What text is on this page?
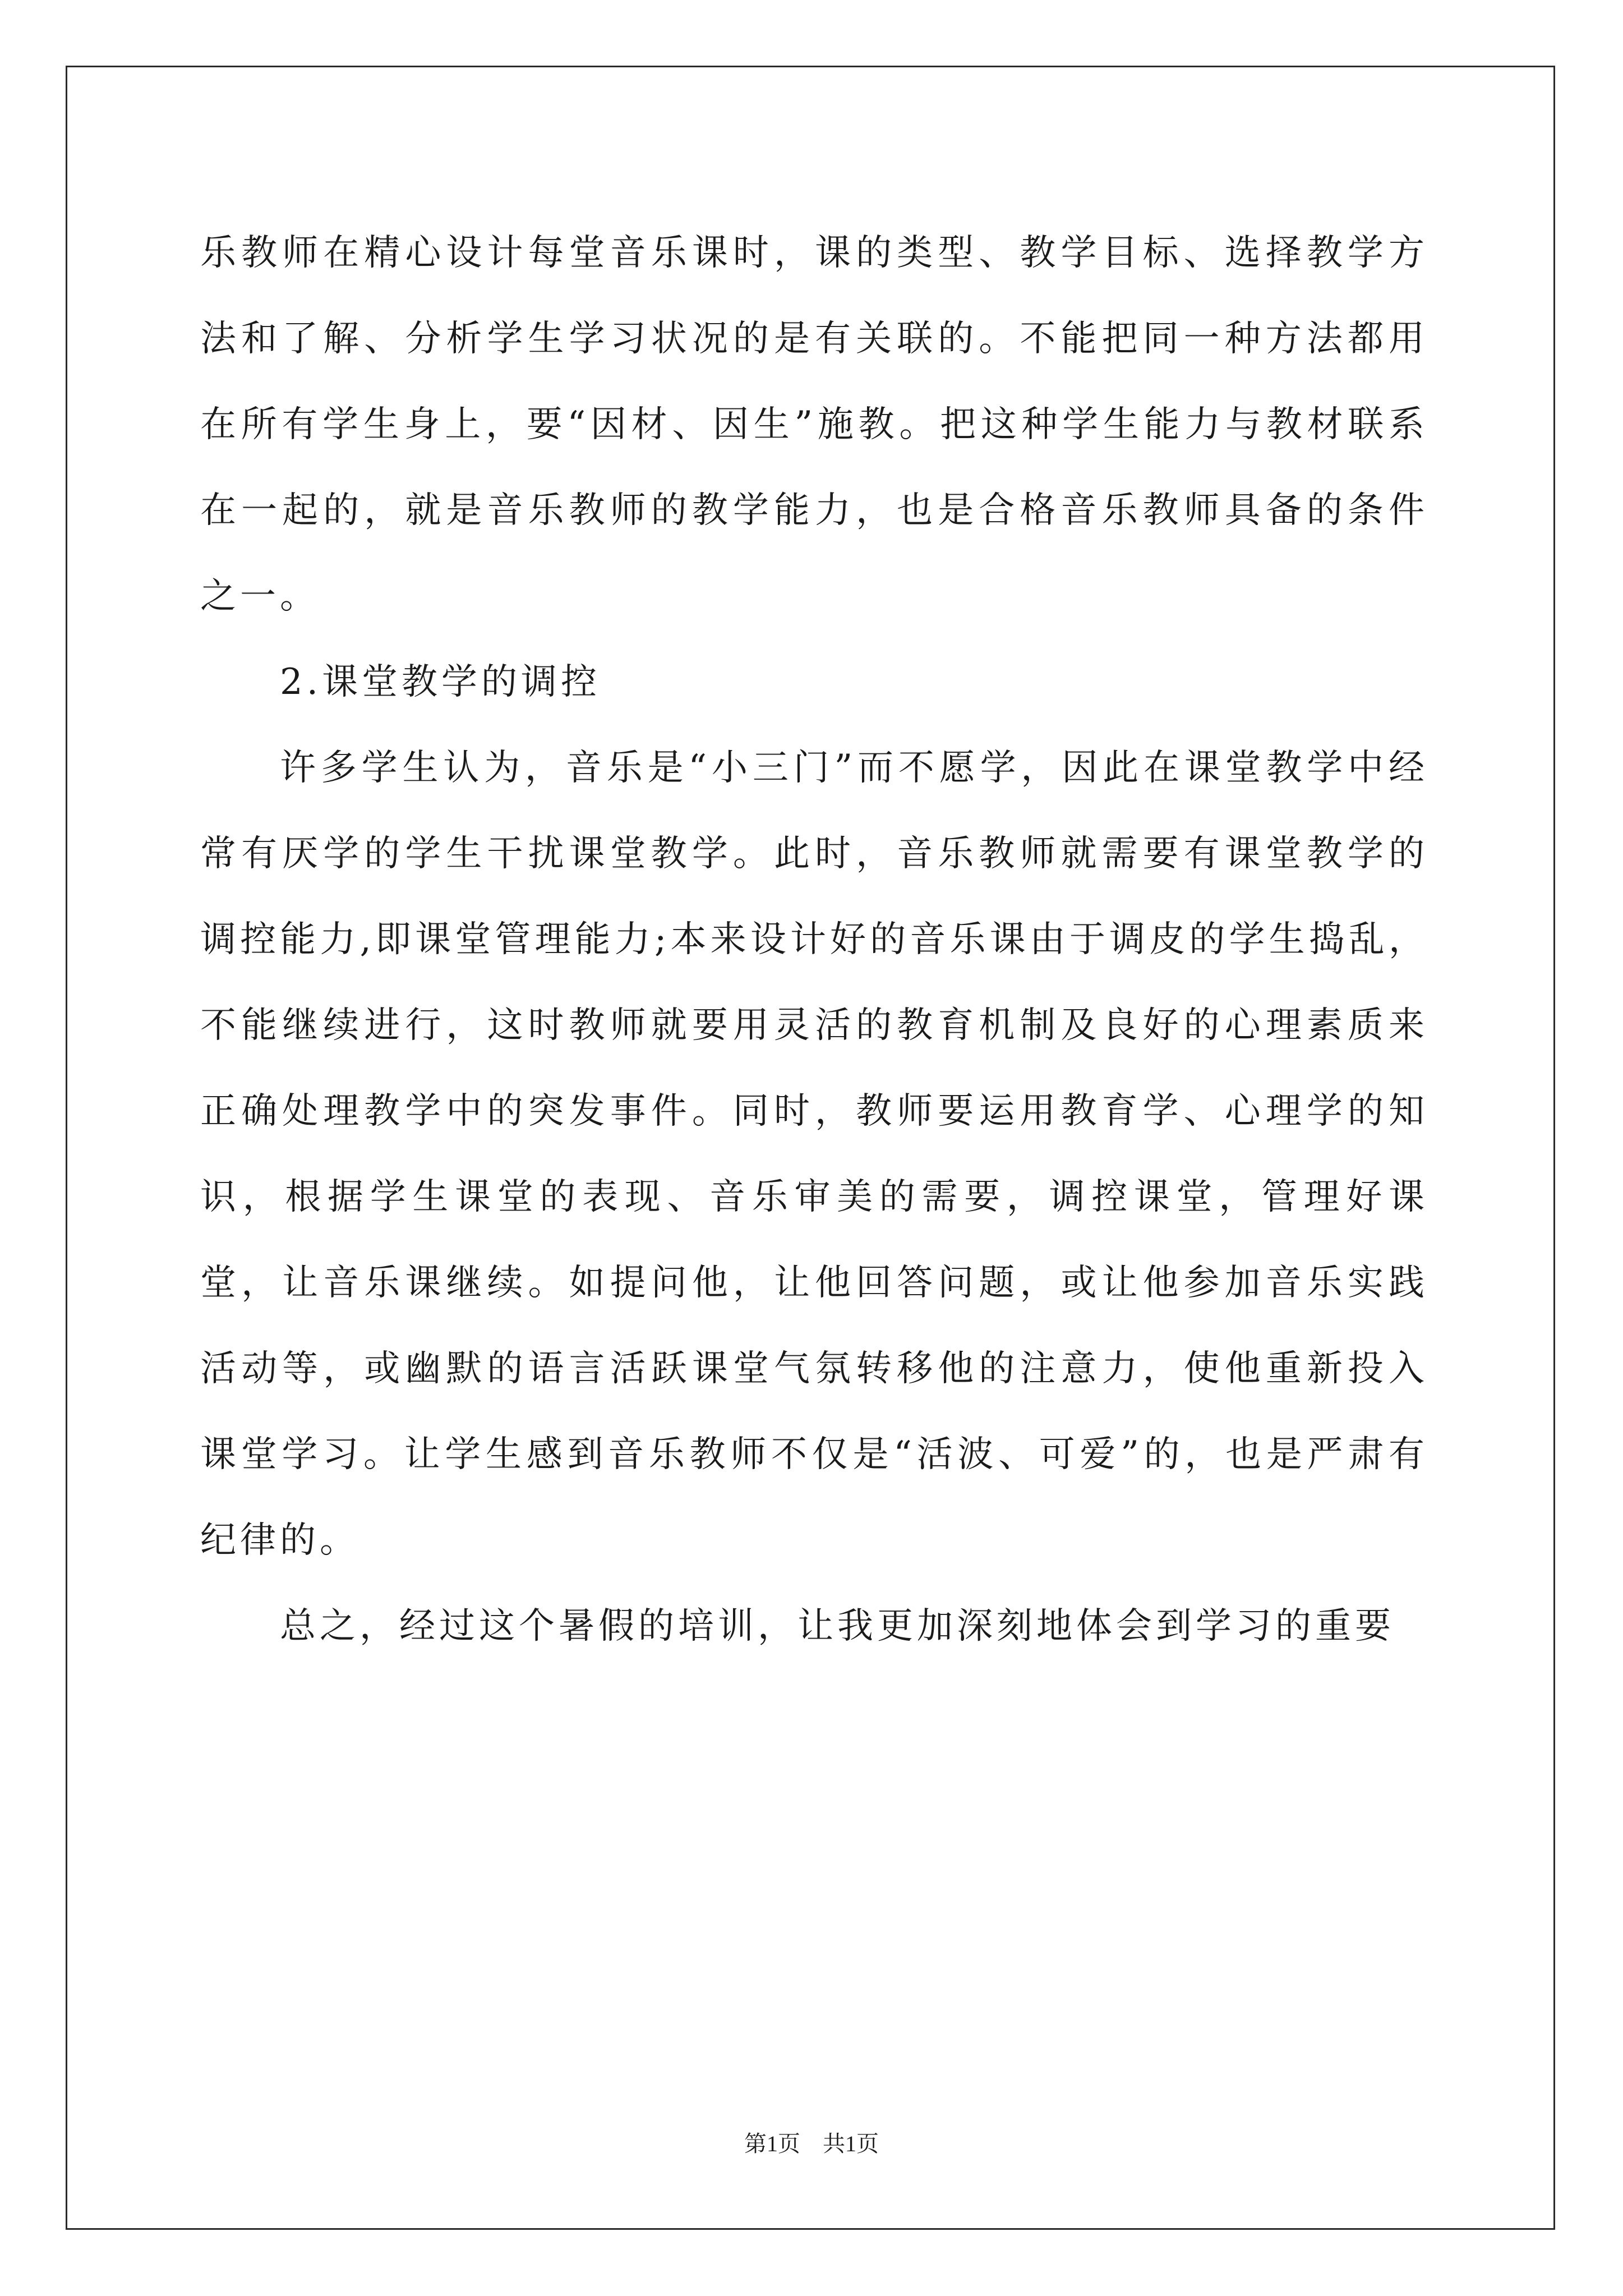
乐教师在精心设计每堂音乐课时，课的类型、教学目标、选择教学方法和了解、分析学生学习状况的是有关联的。不能把同一种方法都用在所有学生身上，要“因材、因生”施教。把这种学生能力与教材联系在一起的，就是音乐教师的教学能力，也是合格音乐教师具备的条件之一。

2.课堂教学的调控

许多学生认为，音乐是“小三门”而不愿学，因此在课堂教学中经常有厌学的学生干扰课堂教学。此时，音乐教师就需要有课堂教学的调控能力,即课堂管理能力;本来设计好的音乐课由于调皮的学生捣乱，不能继续进行，这时教师就要用灵活的教育机制及良好的心理素质来正确处理教学中的突发事件。同时，教师要运用教育学、心理学的知识，根据学生课堂的表现、音乐审美的需要，调控课堂，管理好课堂，让音乐课继续。如提问他，让他回答问题，或让他参加音乐实践活动等，或幽默的语言活跃课堂气氛转移他的注意力，使他重新投入课堂学习。让学生感到音乐教师不仅是“活波、可爱”的，也是严肃有纪律的。

总之，经过这个暑假的培训，让我更加深刻地体会到学习的重要

第1页 共1页
